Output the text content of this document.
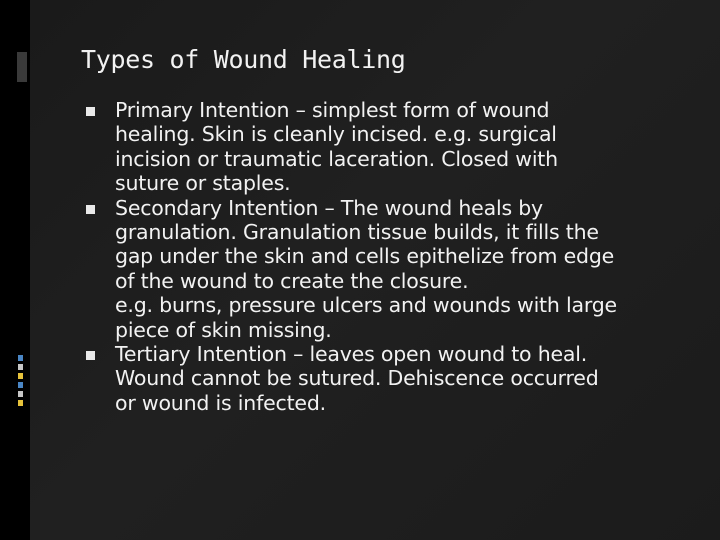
Types of Wound Healing

Primary Intention – simplest form of wound
healing. Skin is cleanly incised. e.g. surgical
incision or traumatic laceration. Closed with
suture or staples.

Secondary Intention – The wound heals by
granulation. Granulation tissue builds, it fills the
gap under the skin and cells epithelize from edge
of the wound to create the closure.
e.g. burns, pressure ulcers and wounds with large
piece of skin missing.

Tertiary Intention – leaves open wound to heal.
Wound cannot be sutured. Dehiscence occurred
or wound is infected.
